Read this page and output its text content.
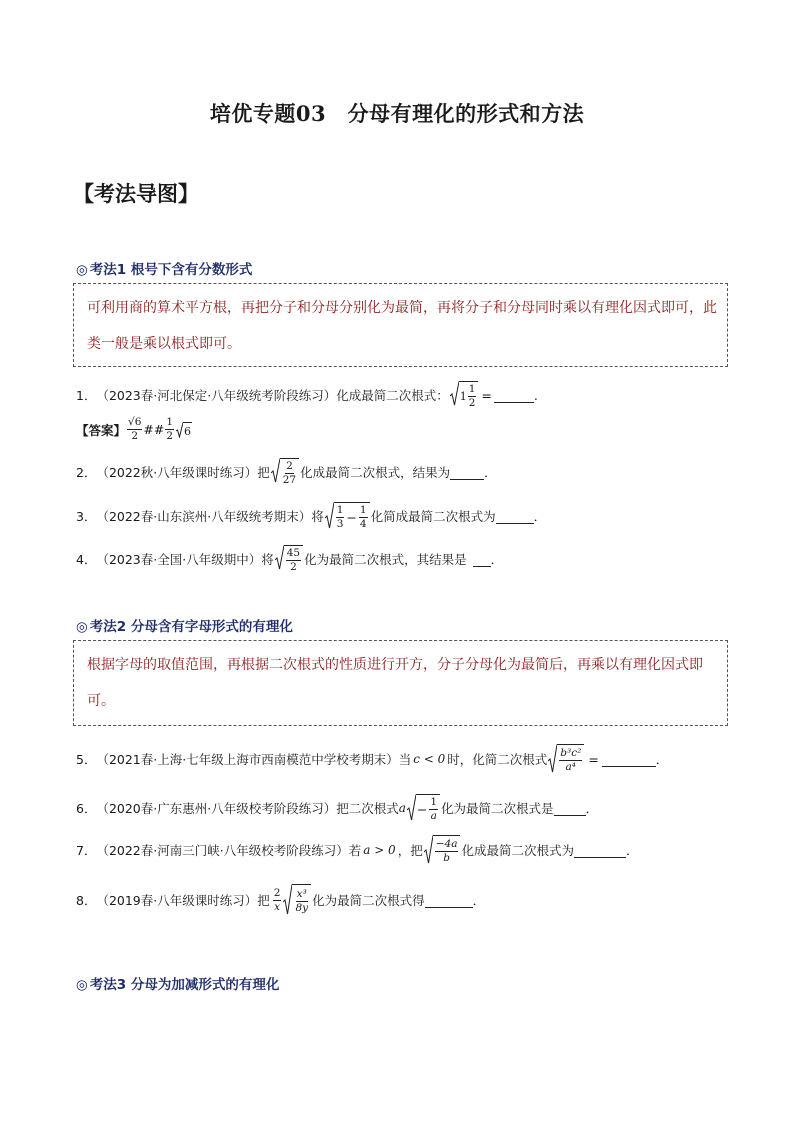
培优专题03　分母有理化的形式和方法
【考法导图】
◎ 考法1 根号下含有分数形式
可利用商的算术平方根，再把分子和分母分别化为最简，再将分子和分母同时乘以有理化因式即可，此类一般是乘以根式即可。
1． （2023春·河北保定·八年级统考阶段练习）化成最简二次根式： $1 \frac{1}{2}$ =	.
【答案】 $\frac{√6}{2}$ ## $\frac{1}{2} 6$
2． （2022秋·八年级课时练习）把 $\frac{2}{27}$ 化成最简二次根式，结果为	．
3． （2022春·山东滨州·八年级统考期末）将 $\frac{1}{3} - \frac{1}{4}$ 化简成最简二次根式为	．
4． （2023春·全国·八年级期中）将 $\frac{45}{2}$ 化为最简二次根式，其结果是 ．
◎ 考法2 分母含有字母形式的有理化
根据字母的取值范围，再根据二次根式的性质进行开方，分子分母化为最简后，再乘以有理化因式即可。
5． （2021春·上海·七年级上海市西南模范中学校考期末）当 c < 0 时，化简二次根式 $\frac{\text{b³c²}}{\text{a⁴}}$ =	．
6． （2020春·广东惠州·八年级校考阶段练习）把二次根式 $a - \frac{1}{a}$ 化为最简二次根式是	．
7． （2022春·河南三门峡·八年级校考阶段练习）若 a > 0 ，把 $\frac{-4a}{b}$ 化成最简二次根式为	．
8． （2019春·八年级课时练习）把 $\frac{2}{x} \frac{\text{x³}}{8y}$ 化为最简二次根式得	．
◎ 考法3 分母为加减形式的有理化
